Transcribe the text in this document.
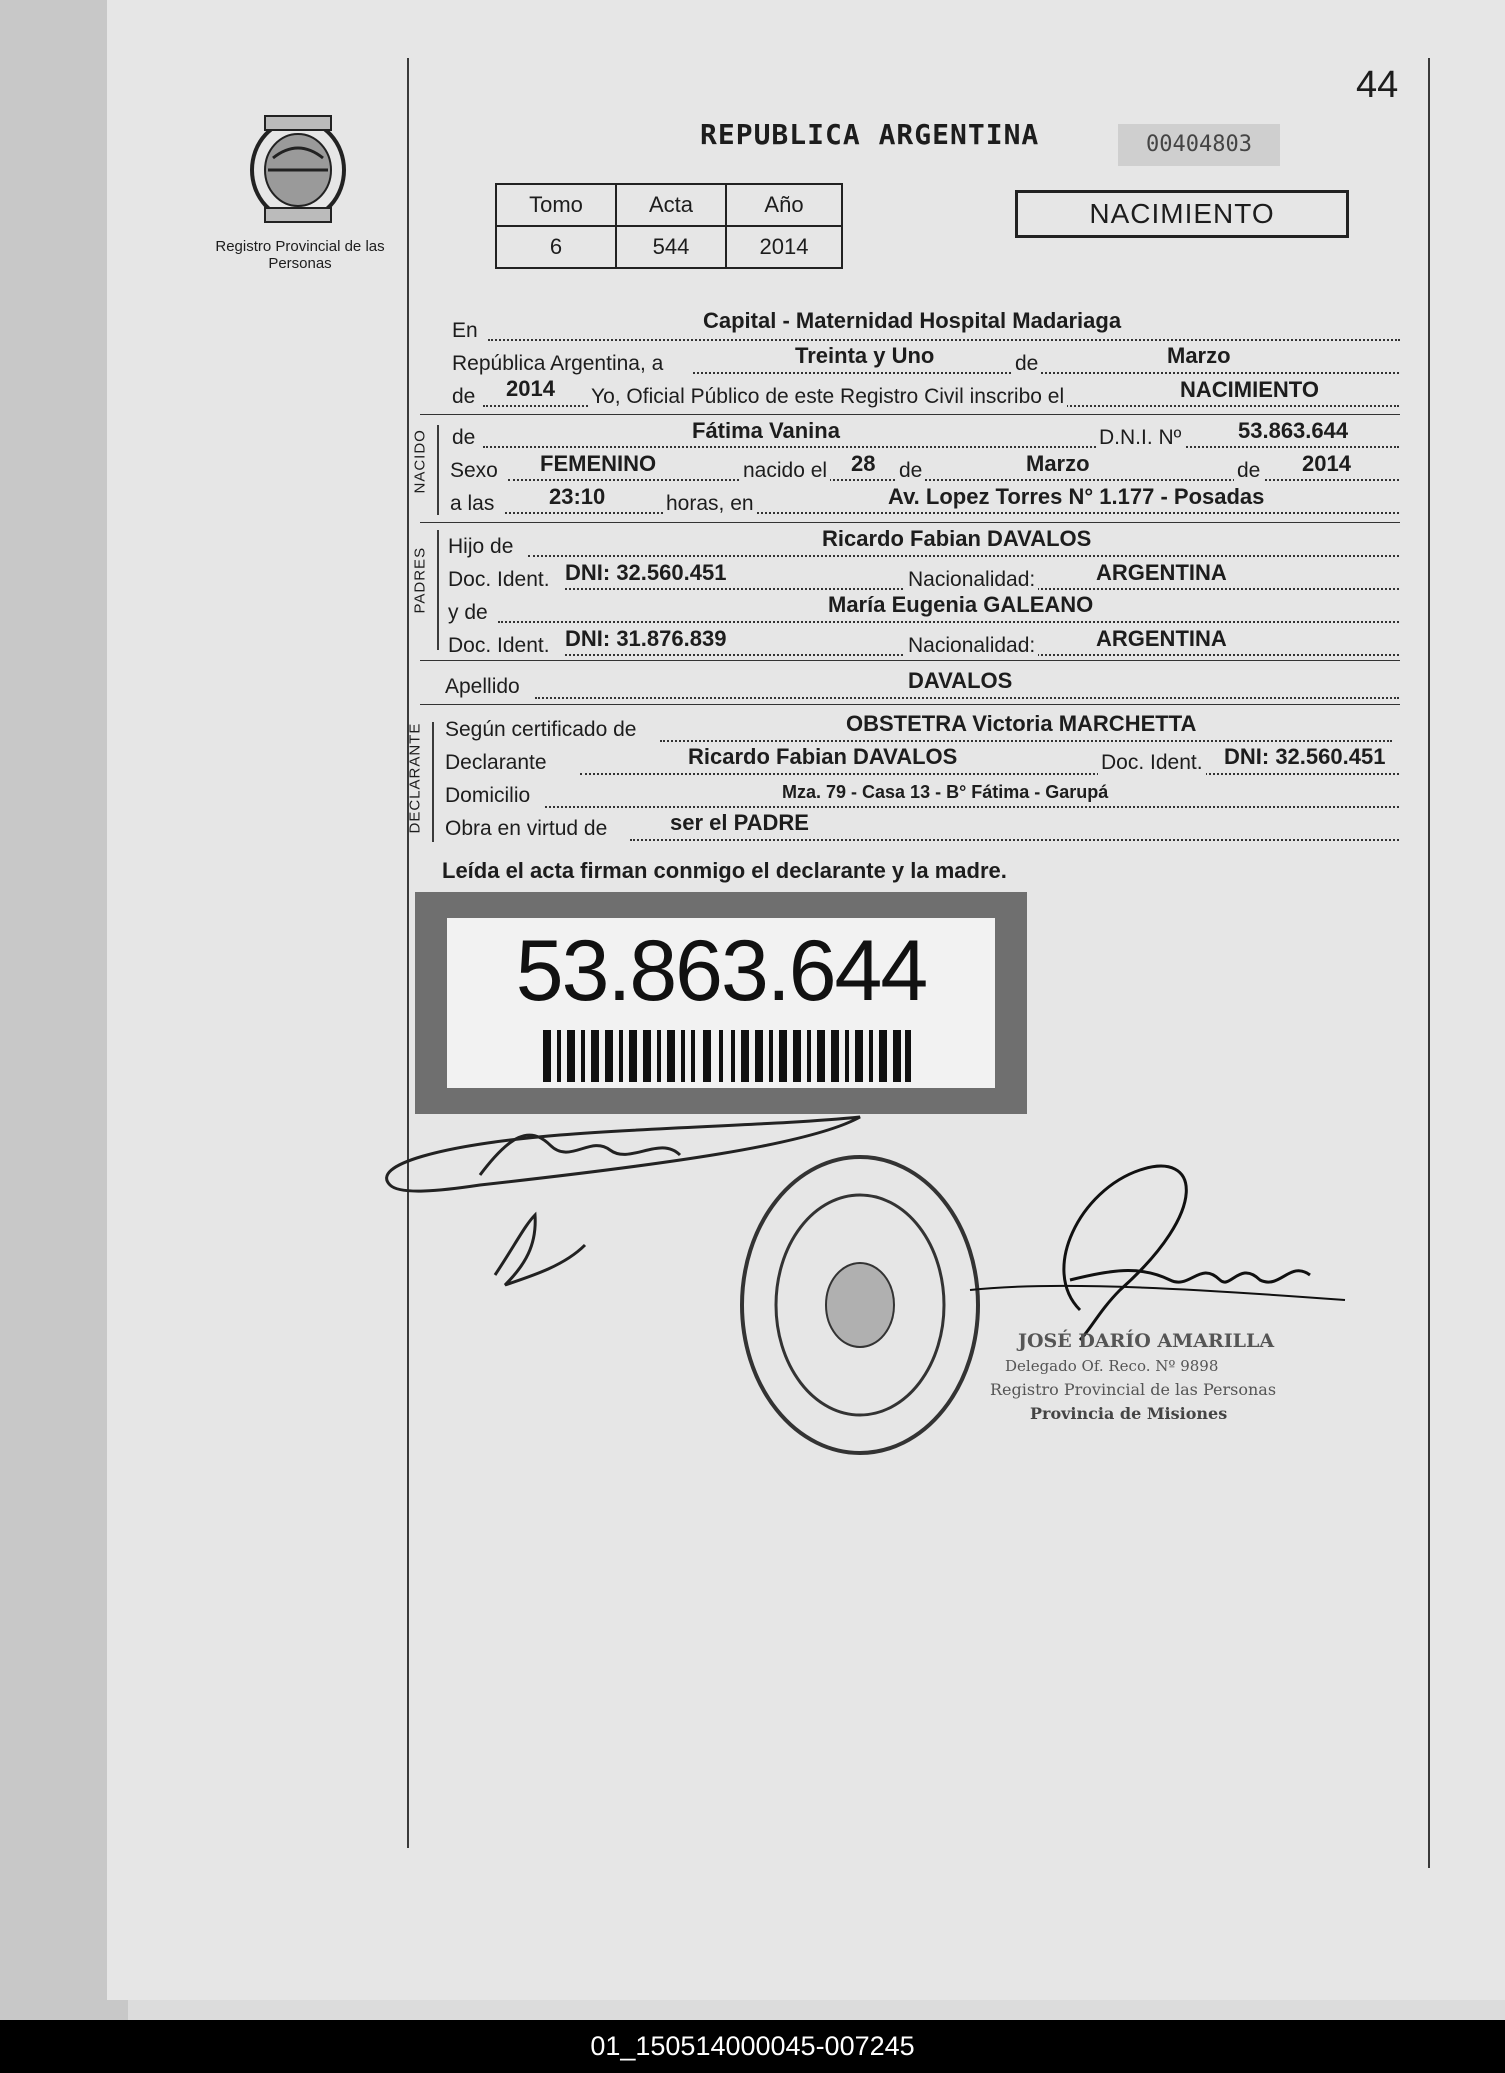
44
Registro Provincial de las Personas
REPUBLICA ARGENTINA	00404803
Tomo	Acta	Año
6	544	2014
NACIMIENTO
En	Capital - Maternidad Hospital Madariaga
República Argentina, a	Treinta y Uno	de	Marzo
de 2014 Yo, Oficial Público de este Registro Civil inscribo el	NACIMIENTO
NACIDO de	Fátima Vanina	D.N.I. Nº	53.863.644
Sexo FEMENINO	nacido el 28 de	Marzo	de 2014
a las 23:10	horas, en	Av. Lopez Torres N° 1.177 - Posadas
PADRES
Hijo de	Ricardo Fabian DAVALOS
Doc. Ident. DNI: 32.560.451	Nacionalidad:	ARGENTINA
y de	María Eugenia GALEANO
Doc. Ident. DNI: 31.876.839	Nacionalidad:	ARGENTINA
Apellido	DAVALOS
DECLARANTE Según certificado de	OBSTETRA Victoria MARCHETTA
Declarante	Ricardo Fabian DAVALOS	Doc. Ident. DNI: 32.560.451
Domicilio	Mza. 79 - Casa 13 - B° Fátima - Garupá
Obra en virtud de	ser el PADRE
Leída el acta firman conmigo el declarante y la madre.
53.863.644
JOSÉ DARÍO AMARILLA
Delegado Of. Reco. Nº 9898
Registro Provincial de las Personas
Provincia de Misiones
01_150514000045-007245
